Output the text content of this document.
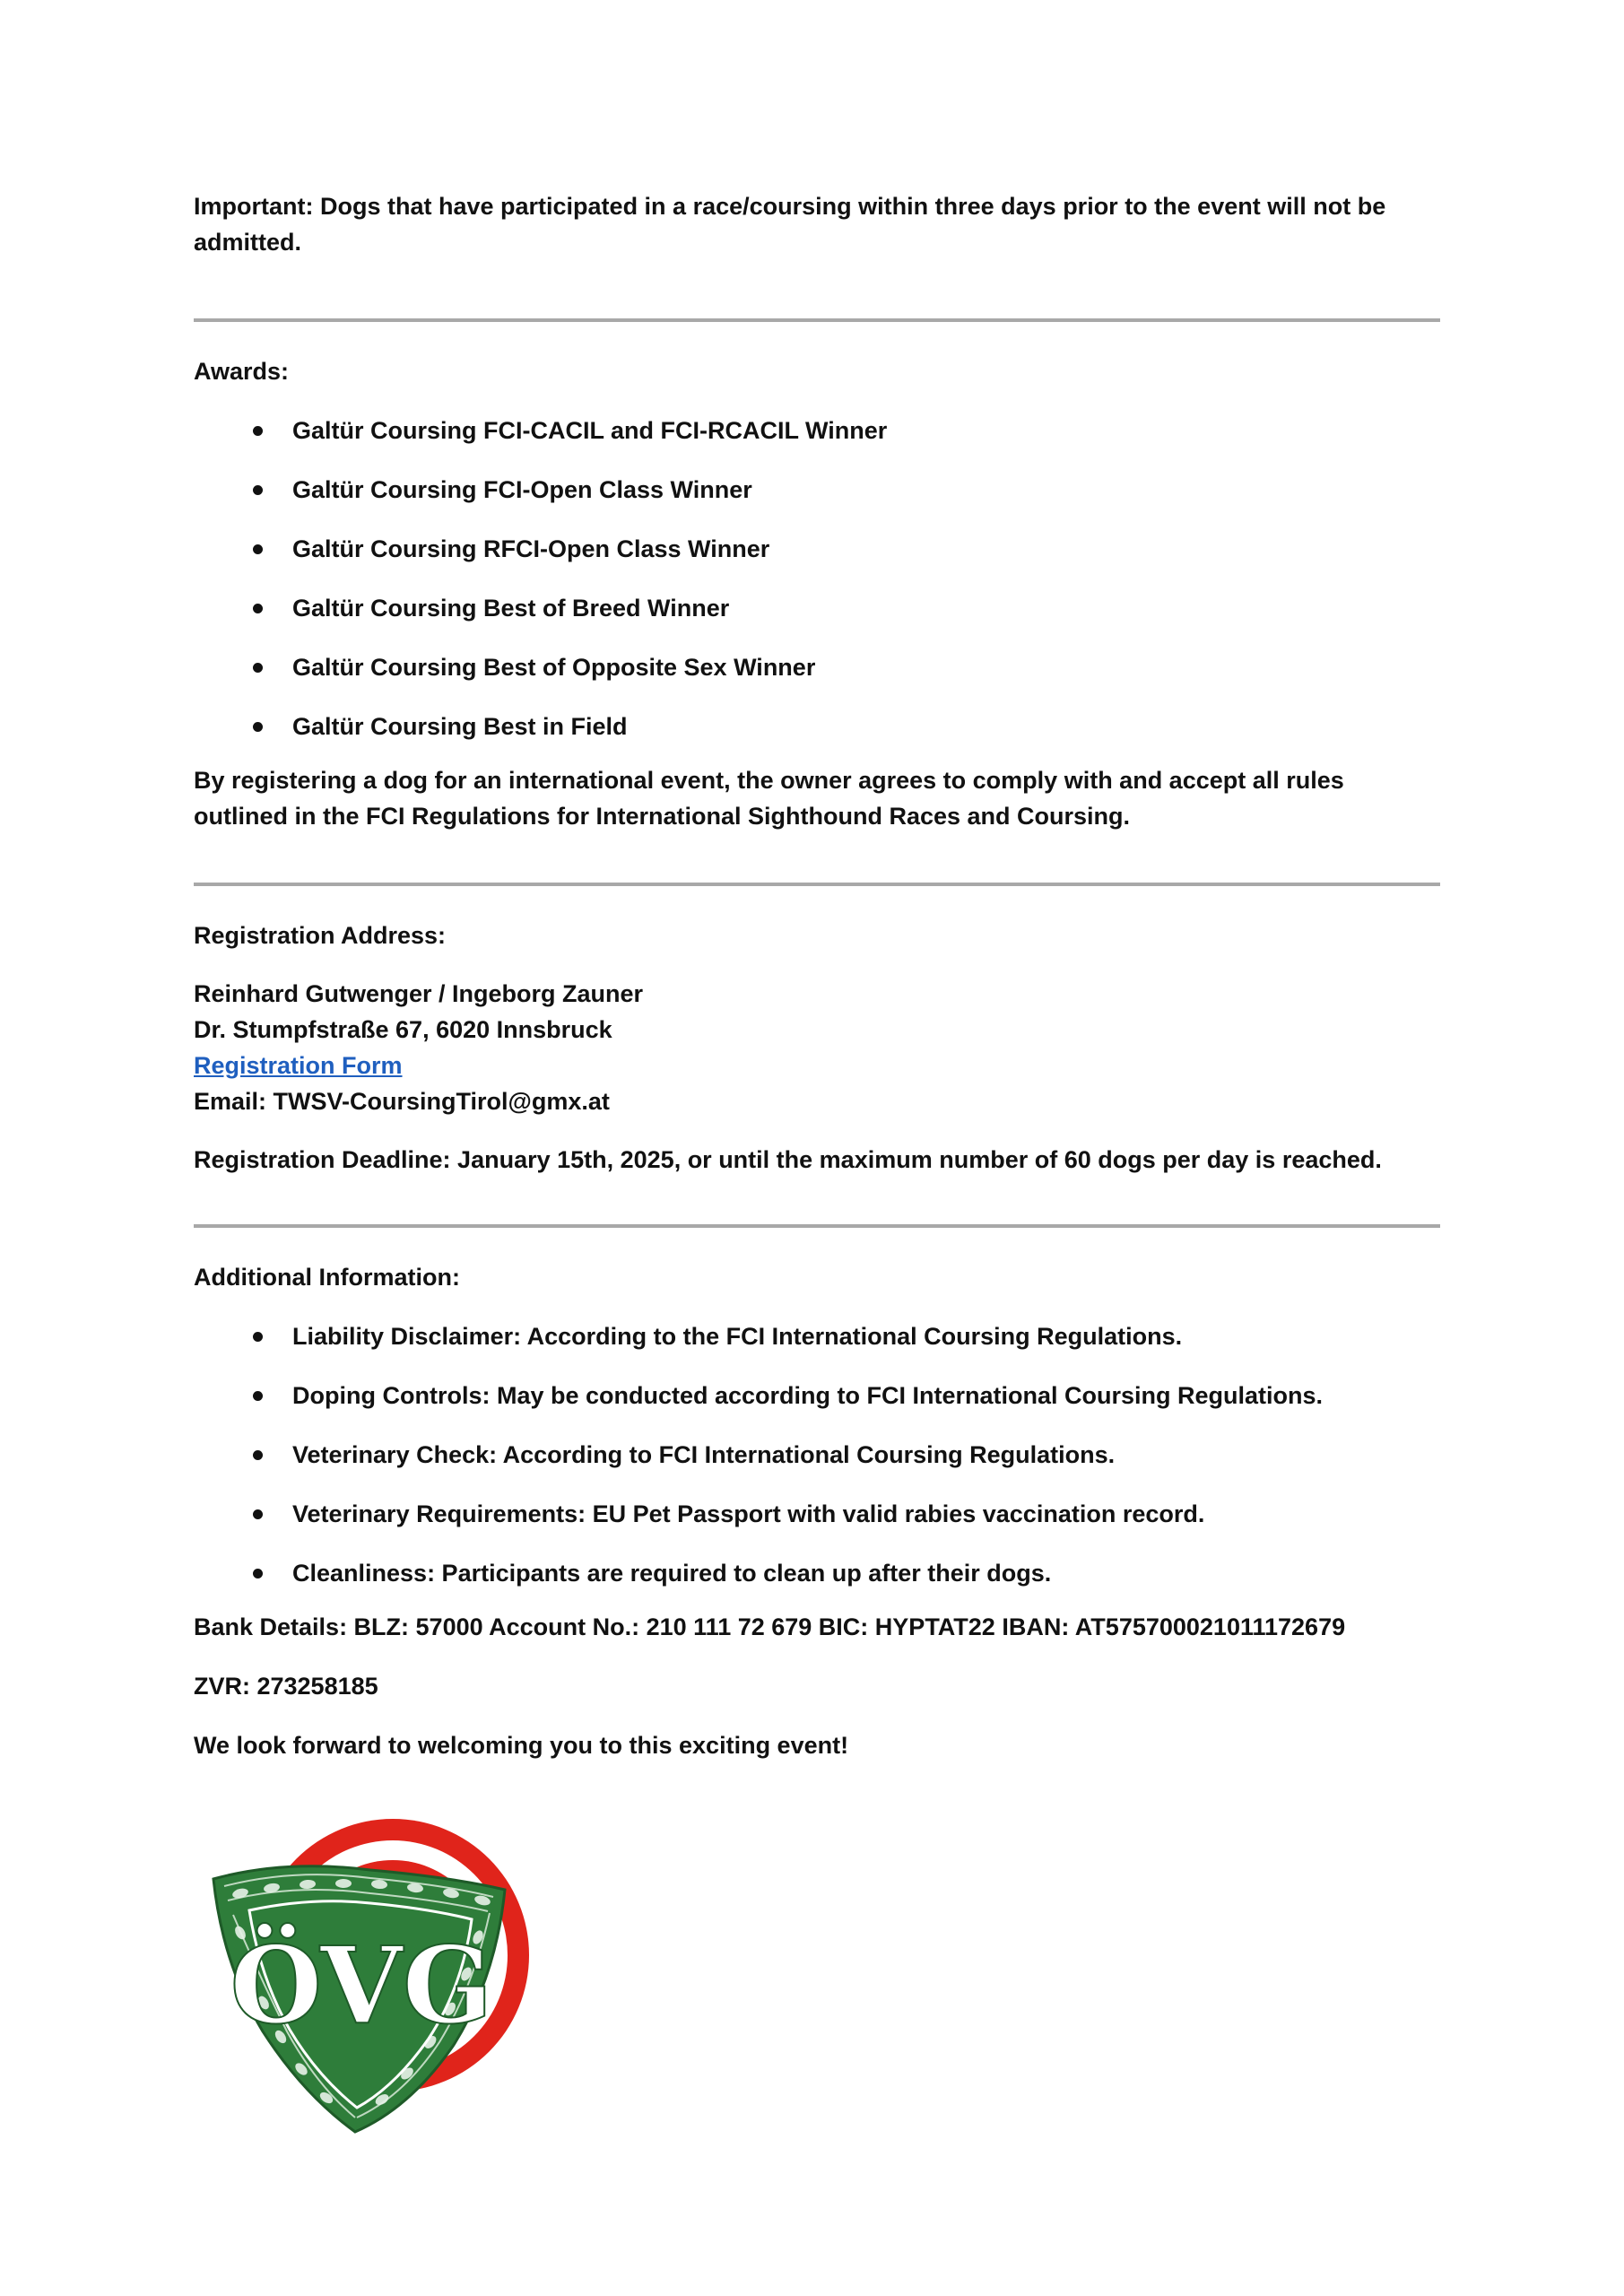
Important: Dogs that have participated in a race/coursing within three days prior to the event will not be admitted.

Awards:

Galtür Coursing FCI-CACIL and FCI-RCACIL Winner
Galtür Coursing FCI-Open Class Winner
Galtür Coursing RFCI-Open Class Winner
Galtür Coursing Best of Breed Winner
Galtür Coursing Best of Opposite Sex Winner
Galtür Coursing Best in Field

By registering a dog for an international event, the owner agrees to comply with and accept all rules outlined in the FCI Regulations for International Sighthound Races and Coursing.

Registration Address:

Reinhard Gutwenger / Ingeborg Zauner

Dr. Stumpfstraße 67, 6020 Innsbruck

Registration Form

Email: TWSV-CoursingTirol@gmx.at

Registration Deadline: January 15th, 2025, or until the maximum number of 60 dogs per day is reached.

Additional Information:

Liability Disclaimer: According to the FCI International Coursing Regulations.
Doping Controls: May be conducted according to FCI International Coursing Regulations.
Veterinary Check: According to FCI International Coursing Regulations.
Veterinary Requirements: EU Pet Passport with valid rabies vaccination record.
Cleanliness: Participants are required to clean up after their dogs.

Bank Details: BLZ: 57000 Account No.: 210 111 72 679 BIC: HYPTAT22 IBAN: AT575700021011172679

ZVR: 273258185

We look forward to welcoming you to this exciting event!

ÖVG
